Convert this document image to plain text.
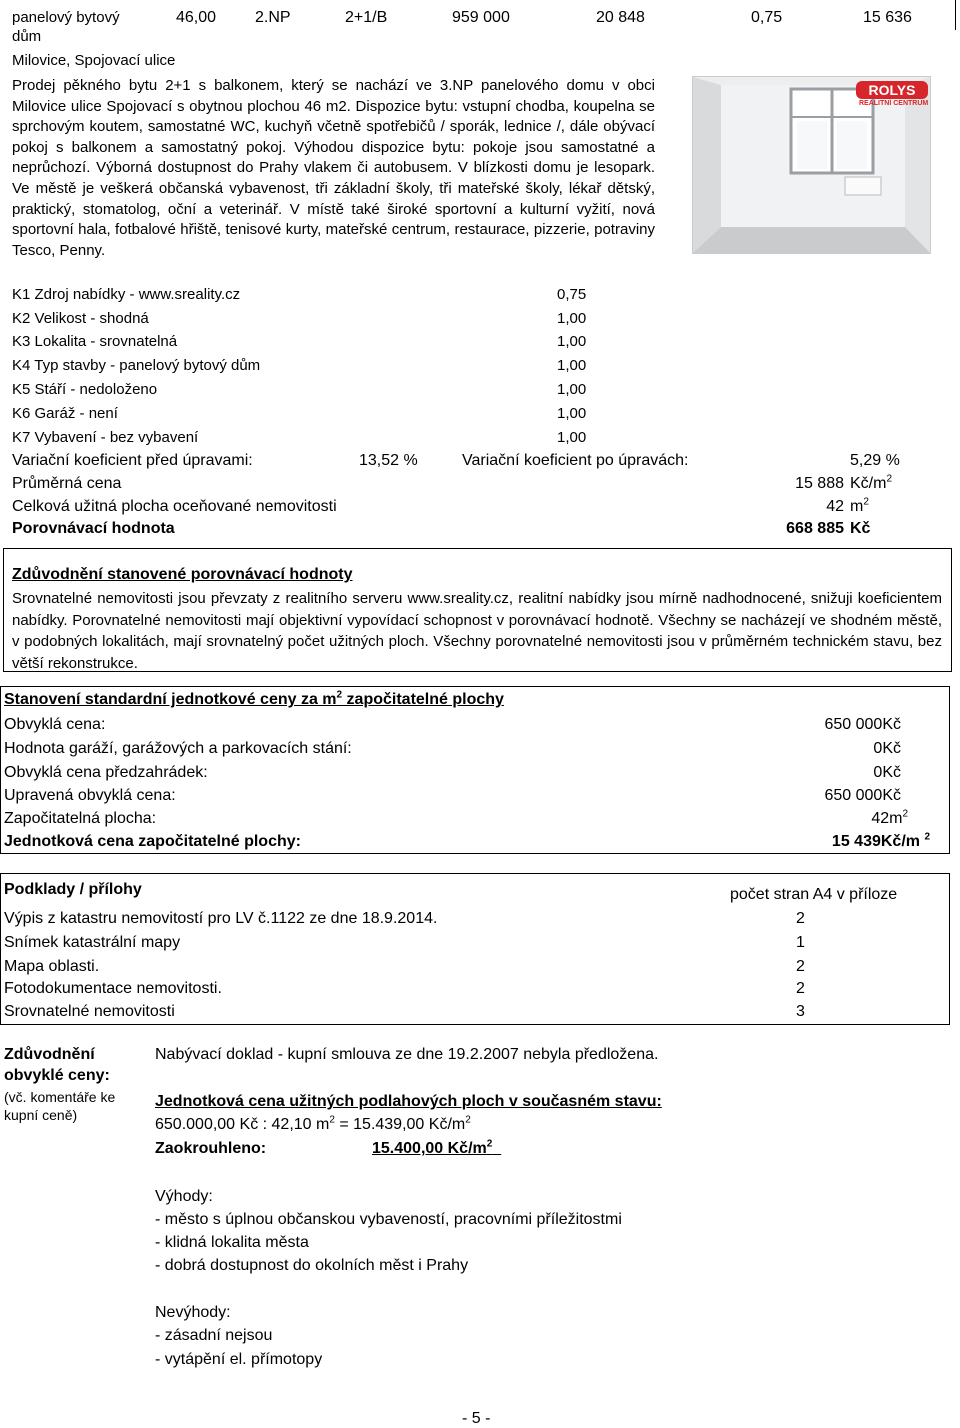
panelový bytový
dům
46,00 2.NP	2+1/B	959 000	20 848	0,75	15 636
Milovice, Spojovací ulice
Prodej pěkného bytu 2+1 s balkonem, který se nachází ve 3.NP panelového domu v obci Milovice ulice Spojovací s obytnou plochou 46 m2. Dispozice bytu: vstupní chodba, koupelna se sprchovým koutem, samostatné WC, kuchyň včetně spotřebičů / sporák, lednice /, dále obývací pokoj s balkonem a samostatný pokoj. Výhodou dispozice bytu: pokoje jsou samostatné a neprůchozí. Výborná dostupnost do Prahy vlakem či autobusem. V blízkosti domu je lesopark. Ve městě je veškerá občanská vybavenost, tři základní školy, tři mateřské školy, lékař dětský, praktický, stomatolog, oční a veterinář. V místě také široké sportovní a kulturní vyžití, nová sportovní hala, fotbalové hřiště, tenisové kurty, mateřské centrum, restaurace, pizzerie, potraviny Tesco, Penny.
ROLYS
REALITNÍ CENTRUM
K1 Zdroj nabídky - www.sreality.cz	0,75
K2 Velikost - shodná	1,00
K3 Lokalita - srovnatelná	1,00
K4 Typ stavby - panelový bytový dům	1,00
K5 Stáří - nedoloženo	1,00
K6 Garáž - není	1,00
K7 Vybavení - bez vybavení	1,00
Variační koeficient před úpravami:	13,52 %	Variační koeficient po úpravách:	5,29 %
Průměrná cena	15 888 $Kč/m^2$
Celková užitná plocha oceňované nemovitosti	42 $m^2$
Porovnávací hodnota	668 885 Kč
Zdůvodnění stanovené porovnávací hodnoty
Srovnatelné nemovitosti jsou převzaty z realitního serveru www.sreality.cz, realitní nabídky jsou mírně nadhodnocené, snižuji koeficientem nabídky. Porovnatelné nemovitosti mají objektivní vypovídací schopnost v porovnávací hodnotě. Všechny se nacházejí ve shodném městě, v podobných lokalitách, mají srovnatelný počet užitných ploch. Všechny porovnatelné nemovitosti jsou v průměrném technickém stavu, bez větší rekonstrukce.
Stanovení standardní jednotkové ceny za $m^2$ započitatelné plochy
Obvyklá cena:	650 000Kč
Hodnota garáží, garážových a parkovacích stání:	0Kč
Obvyklá cena předzahrádek:	0Kč
Upravená obvyklá cena:	650 000Kč
Započitatelná plocha:	$42m^2$
Jednotková cena započitatelné plochy:	15 439Kč/m $^2$
Podklady / přílohy	počet stran A4 v příloze
Výpis z katastru nemovitostí pro LV č.1122 ze dne 18.9.2014.	2
Snímek katastrální mapy	1
Mapa oblasti.	2
Fotodokumentace nemovitosti.	2
Srovnatelné nemovitosti	3
Zdůvodnění
obvyklé ceny:
(vč. komentáře ke
kupní ceně)
Nabývací doklad - kupní smlouva ze dne 19.2.2007 nebyla předložena.
Jednotková cena užitných podlahových ploch v současném stavu:
650.000,00 Kč : 42,10 $m^2 = 15.439,00$ $Kč/m^2$
Zaokrouhleno:	15.400,00 $Kč/m^2$
Výhody:
- město s úplnou občanskou vybaveností, pracovními příležitostmi
- klidná lokalita města
- dobrá dostupnost do okolních měst i Prahy
Nevýhody:
- zásadní nejsou
- vytápění el. přímotopy
- 5 -
